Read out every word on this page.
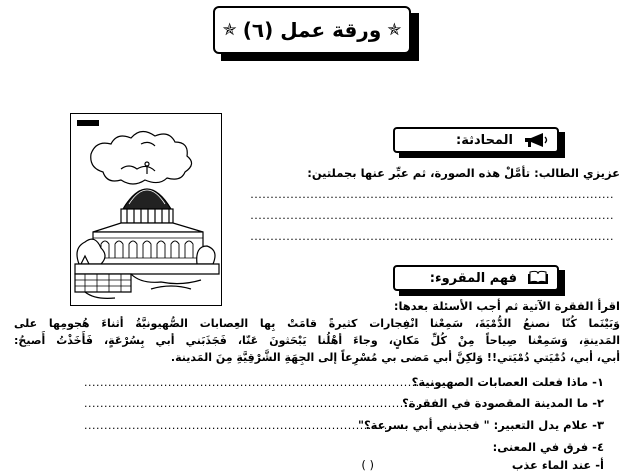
✯
ورقة عمل (٦)
✯
المحادثة:
عزيزي الطالب: تأمَّلْ هذه الصورة، ثم عبِّر عنها بجملتين:
...........................................................................................
...........................................................................................
...........................................................................................
فهم المقروء:
اقرأ الفقرة الآتية ثم أجب الأسئلة بعدها:
وَبَيْنَما كُنّا نصنعُ الدُّمْيَةَ، سَمِعْنا انْفِجارات كثيرةً قامَتْ بِها العِصابات الصُّهيونيَّةُ أثناءَ هُجومِها على
المَدينةِ، وَسَمِعْنا صِياحاً مِنْ كُلِّ مَكانٍ، وجاءَ أهْلُنا يَبْحَثونَ عَنّا، فَجَذَبَني أبي بِسُرْعَةٍ، فَأَخَذْتُ أَصيحُ:
أبي، أبي، دُمْيَتي دُمْيَتي!! وَلكِنَّ أبي مَضى بي مُسْرِعاً إلى الجِهَةِ الشَّرْقِيَّةِ مِنَ المَدينة.
١- ماذا فعلت العصابات الصهيونية؟
........................................................................................
٢- ما المدينة المقصودة في الفقرة؟
........................................................................................
٣- علام يدل التعبير: " فجذبني أبي بسرعة؟"
.................................................................................
٤- فرق في المعنى:
أ- عند الماء عذب
( )
